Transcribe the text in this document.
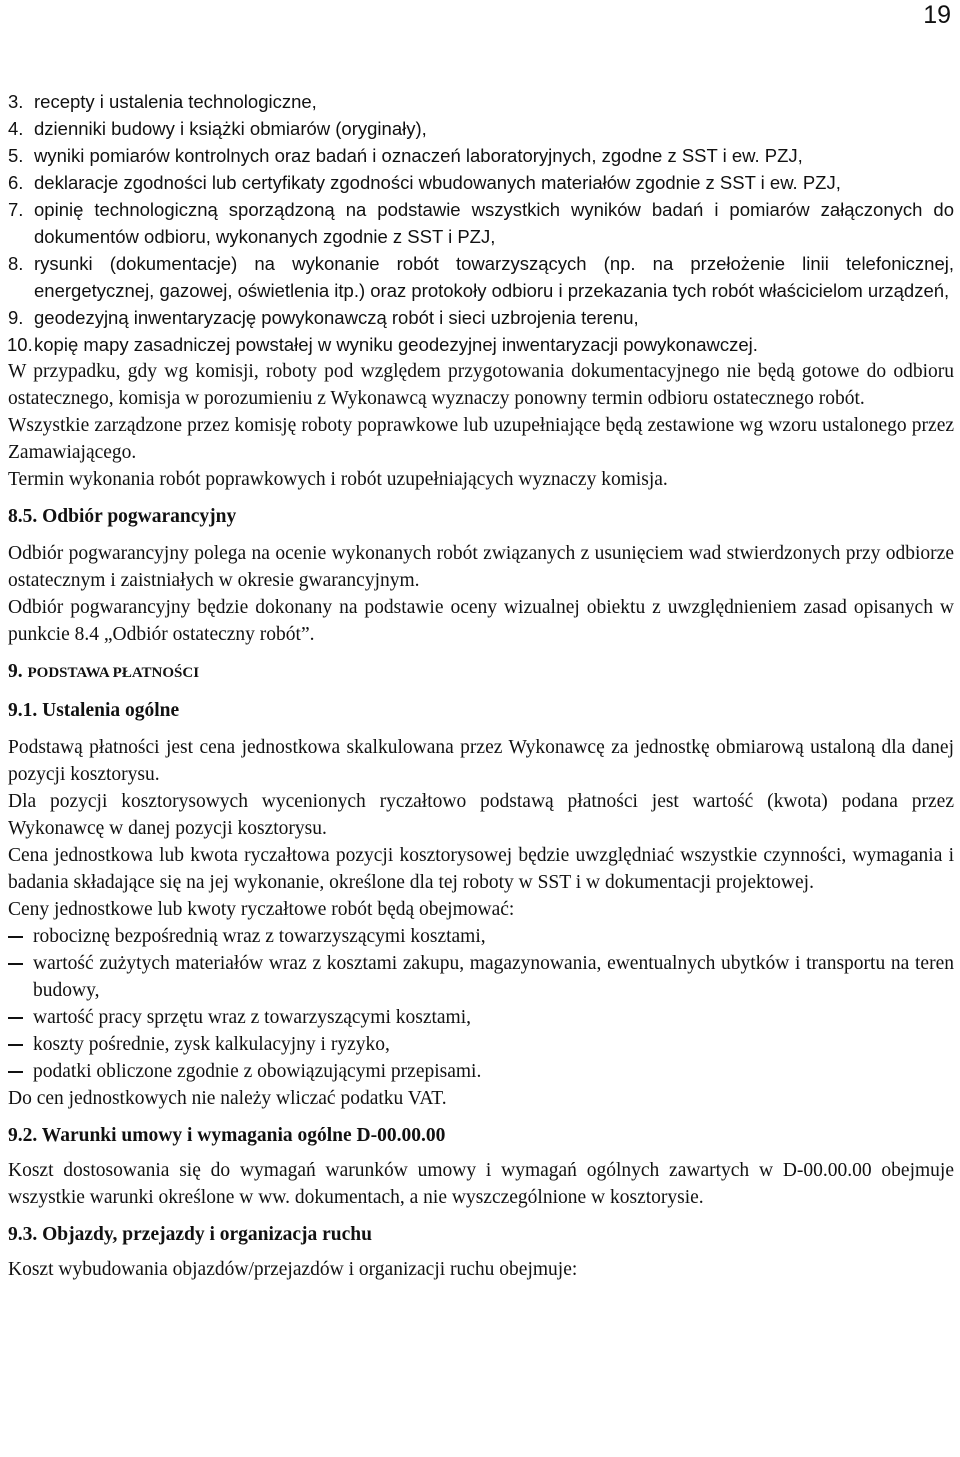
19
3. recepty i ustalenia technologiczne,
4. dzienniki budowy i książki obmiarów (oryginały),
5. wyniki pomiarów kontrolnych oraz badań i oznaczeń laboratoryjnych, zgodne z SST i ew. PZJ,
6. deklaracje zgodności lub certyfikaty zgodności wbudowanych materiałów zgodnie z SST i ew. PZJ,
7. opinię technologiczną sporządzoną na podstawie wszystkich wyników badań i pomiarów załączonych do dokumentów odbioru, wykonanych zgodnie z SST i PZJ,
8. rysunki (dokumentacje) na wykonanie robót towarzyszących (np. na przełożenie linii telefonicznej, energetycznej, gazowej, oświetlenia itp.) oraz protokoły odbioru i przekazania tych robót właścicielom urządzeń,
9. geodezyjną inwentaryzację powykonawczą robót i sieci uzbrojenia terenu,
10. kopię mapy zasadniczej powstałej w wyniku geodezyjnej inwentaryzacji powykonawczej.

W przypadku, gdy wg komisji, roboty pod względem przygotowania dokumentacyjnego nie będą gotowe do odbioru ostatecznego, komisja w porozumieniu z Wykonawcą wyznaczy ponowny termin odbioru ostatecznego robót.

Wszystkie zarządzone przez komisję roboty poprawkowe lub uzupełniające będą zestawione wg wzoru ustalonego przez Zamawiającego.

Termin wykonania robót poprawkowych i robót uzupełniających wyznaczy komisja.

8.5. Odbiór pogwarancyjny

Odbiór pogwarancyjny polega na ocenie wykonanych robót związanych z usunięciem wad stwierdzonych przy odbiorze ostatecznym i zaistniałych w okresie gwarancyjnym.

Odbiór pogwarancyjny będzie dokonany na podstawie oceny wizualnej obiektu z uwzględnieniem zasad opisanych w punkcie 8.4 „Odbiór ostateczny robót”.

9. PODSTAWA PŁATNOŚCI
9.1. Ustalenia ogólne

Podstawą płatności jest cena jednostkowa skalkulowana przez Wykonawcę za jednostkę obmiarową ustaloną dla danej pozycji kosztorysu.

Dla pozycji kosztorysowych wycenionych ryczałtowo podstawą płatności jest wartość (kwota) podana przez Wykonawcę w danej pozycji kosztorysu.

Cena jednostkowa lub kwota ryczałtowa pozycji kosztorysowej będzie uwzględniać wszystkie czynności, wymagania i badania składające się na jej wykonanie, określone dla tej roboty w SST i w dokumentacji projektowej.

Ceny jednostkowe lub kwoty ryczałtowe robót będą obejmować:

robociznę bezpośrednią wraz z towarzyszącymi kosztami,
wartość zużytych materiałów wraz z kosztami zakupu, magazynowania, ewentualnych ubytków i transportu na teren budowy,
wartość pracy sprzętu wraz z towarzyszącymi kosztami,
koszty pośrednie, zysk kalkulacyjny i ryzyko,
podatki obliczone zgodnie z obowiązującymi przepisami.

Do cen jednostkowych nie należy wliczać podatku VAT.

9.2. Warunki umowy i wymagania ogólne D-00.00.00

Koszt dostosowania się do wymagań warunków umowy i wymagań ogólnych zawartych w D-00.00.00 obejmuje wszystkie warunki określone w ww. dokumentach, a nie wyszczególnione w kosztorysie.

9.3. Objazdy, przejazdy i organizacja ruchu

Koszt wybudowania objazdów/przejazdów i organizacji ruchu obejmuje:
